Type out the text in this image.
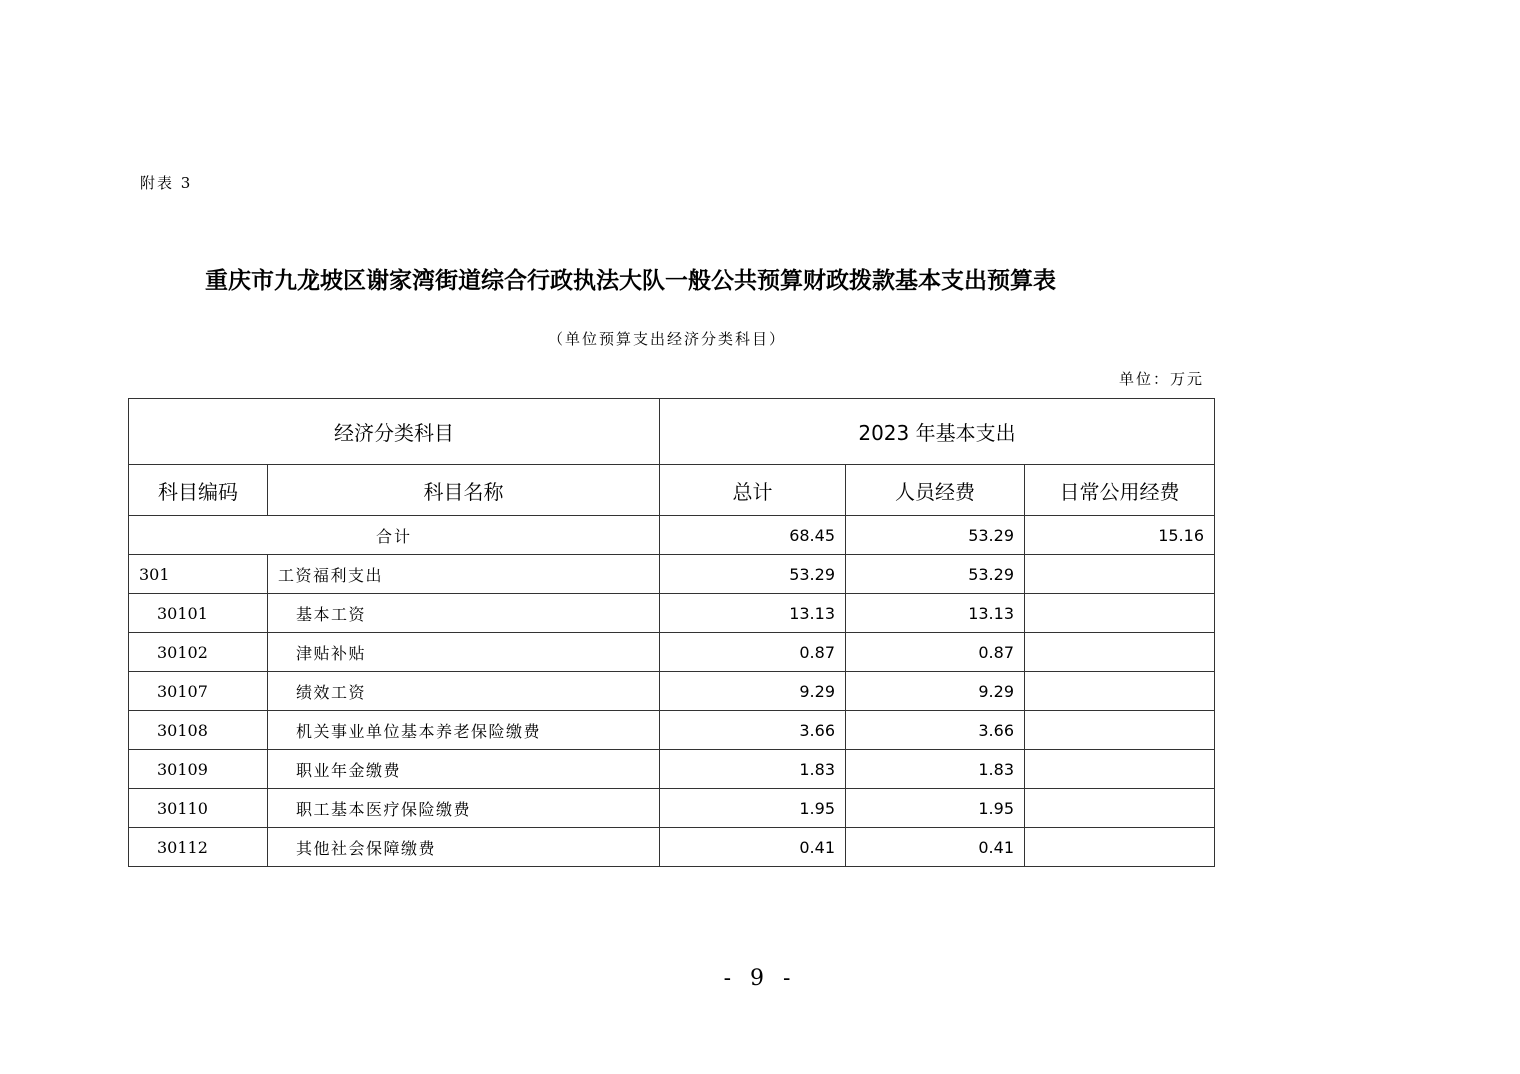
附表 3
重庆市九龙坡区谢家湾街道综合行政执法大队一般公共预算财政拨款基本支出预算表
（单位预算支出经济分类科目）
单位：万元
经济分类科目		2023 年基本支出		
科目编码	科目名称	总计	人员经费	日常公用经费
合计		68.45	53.29	15.16
301	工资福利支出	53.29	53.29	
30101	基本工资	13.13	13.13	
30102	津贴补贴	0.87	0.87	
30107	绩效工资	9.29	9.29	
30108	机关事业单位基本养老保险缴费	3.66	3.66	
30109	职业年金缴费	1.83	1.83	
30110	职工基本医疗保险缴费	1.95	1.95	
30112	其他社会保障缴费	0.41	0.41	
- 9 -
